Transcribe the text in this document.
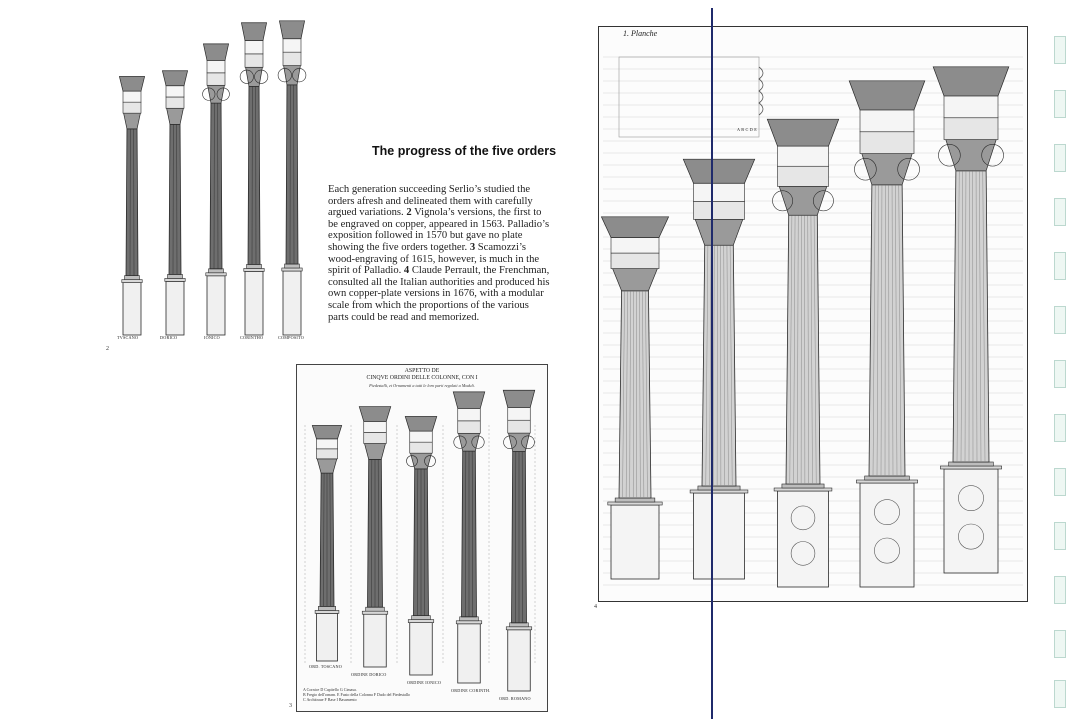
2
TVSCANO	DORICO	IONICO	CORINTHO	COMPOSITO
The progress of the five orders
Each generation succeeding Serlio’s studied the orders afresh and delineated them with carefully argued variations. 2 Vignola’s versions, the first to be engraved on copper, appeared in 1563. Palladio’s exposition followed in 1570 but gave no plate showing the five orders together. 3 Scamozzi’s wood-engraving of 1615, however, is much in the spirit of Palladio. 4 Claude Perrault, the Frenchman, consulted all the Italian authorities and produced his own copper-plate versions in 1676, with a modular scale from which the proportions of the various parts could be read and memorized.
ASPETTO DE
CINQVE ORDINI DELLE COLONNE, CON I
Piedestalli, et Ornamenti a tutti le loro parti regolati a Moduli.
ORD. TOSCANO
ORDINE DORICO
ORDINE IONICO
ORDINE CORINTH.
ORD. ROMANO
A Cornice D Capitello G Cimasa.
B Fregio dell'ornam. E Fusto della Colonna F Dado del Piedestallo
C Architraue F Base I Basamento
3
1. Planche
A B C D E
4
